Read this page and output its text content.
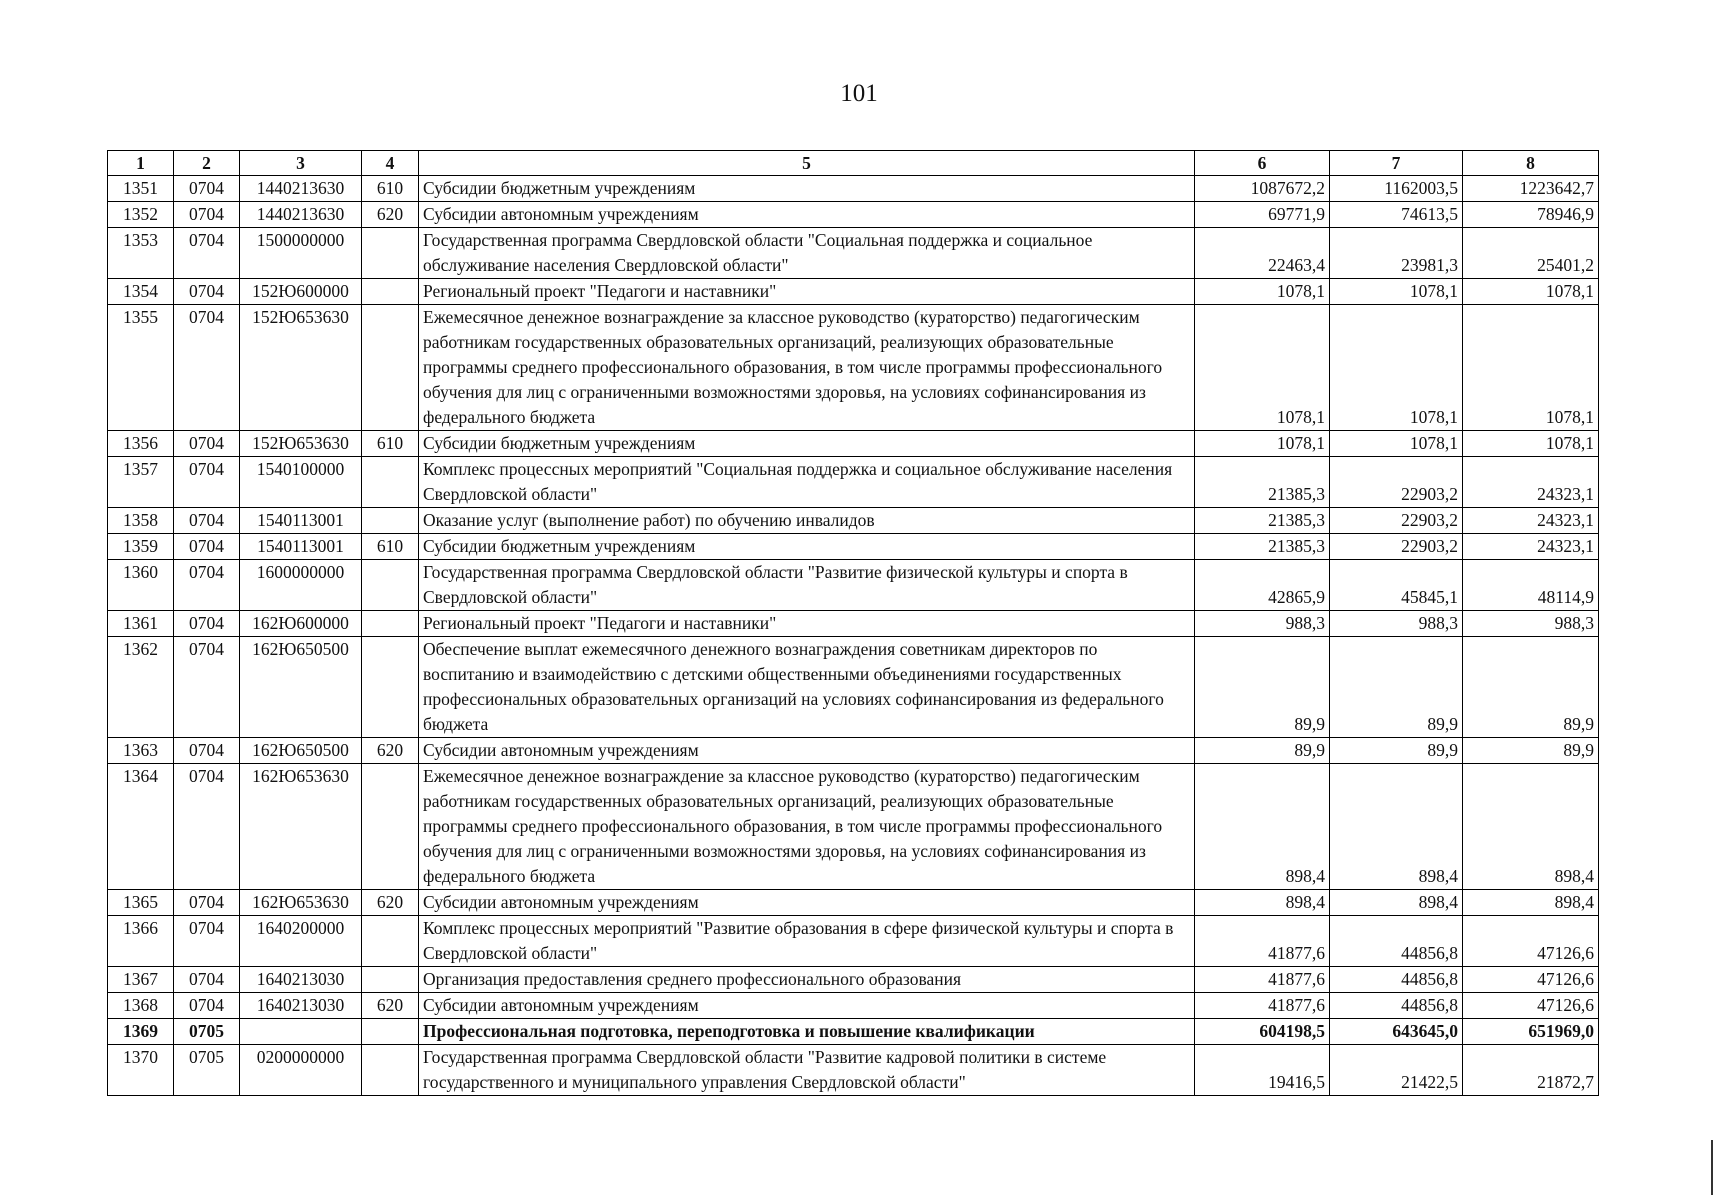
101
1	2	3	4	5	6	7	8
1351	0704	1440213630	610	Субсидии бюджетным учреждениям	1087672,2	1162003,5	1223642,7
1352	0704	1440213630	620	Субсидии автономным учреждениям	69771,9	74613,5	78946,9
1353	0704	1500000000		Государственная программа Свердловской области "Социальная поддержка и социальное обслуживание населения Свердловской области"	22463,4	23981,3	25401,2
1354	0704	152Ю600000		Региональный проект "Педагоги и наставники"	1078,1	1078,1	1078,1
1355	0704	152Ю653630		Ежемесячное денежное вознаграждение за классное руководство (кураторство) педагогическим работникам государственных образовательных организаций, реализующих образовательные программы среднего профессионального образования, в том числе программы профессионального обучения для лиц с ограниченными возможностями здоровья, на условиях софинансирования из федерального бюджета	1078,1	1078,1	1078,1
1356	0704	152Ю653630	610	Субсидии бюджетным учреждениям	1078,1	1078,1	1078,1
1357	0704	1540100000		Комплекс процессных мероприятий "Социальная поддержка и социальное обслуживание населения Свердловской области"	21385,3	22903,2	24323,1
1358	0704	1540113001		Оказание услуг (выполнение работ) по обучению инвалидов	21385,3	22903,2	24323,1
1359	0704	1540113001	610	Субсидии бюджетным учреждениям	21385,3	22903,2	24323,1
1360	0704	1600000000		Государственная программа Свердловской области "Развитие физической культуры и спорта в Свердловской области"	42865,9	45845,1	48114,9
1361	0704	162Ю600000		Региональный проект "Педагоги и наставники"	988,3	988,3	988,3
1362	0704	162Ю650500		Обеспечение выплат ежемесячного денежного вознаграждения советникам директоров по воспитанию и взаимодействию с детскими общественными объединениями государственных профессиональных образовательных организаций на условиях софинансирования из федерального бюджета	89,9	89,9	89,9
1363	0704	162Ю650500	620	Субсидии автономным учреждениям	89,9	89,9	89,9
1364	0704	162Ю653630		Ежемесячное денежное вознаграждение за классное руководство (кураторство) педагогическим работникам государственных образовательных организаций, реализующих образовательные программы среднего профессионального образования, в том числе программы профессионального обучения для лиц с ограниченными возможностями здоровья, на условиях софинансирования из федерального бюджета	898,4	898,4	898,4
1365	0704	162Ю653630	620	Субсидии автономным учреждениям	898,4	898,4	898,4
1366	0704	1640200000		Комплекс процессных мероприятий "Развитие образования в сфере физической культуры и спорта в Свердловской области"	41877,6	44856,8	47126,6
1367	0704	1640213030		Организация предоставления среднего профессионального образования	41877,6	44856,8	47126,6
1368	0704	1640213030	620	Субсидии автономным учреждениям	41877,6	44856,8	47126,6
1369	0705			Профессиональная подготовка, переподготовка и повышение квалификации	604198,5	643645,0	651969,0
1370	0705	0200000000		Государственная программа Свердловской области "Развитие кадровой политики в системе государственного и муниципального управления Свердловской области"	19416,5	21422,5	21872,7
